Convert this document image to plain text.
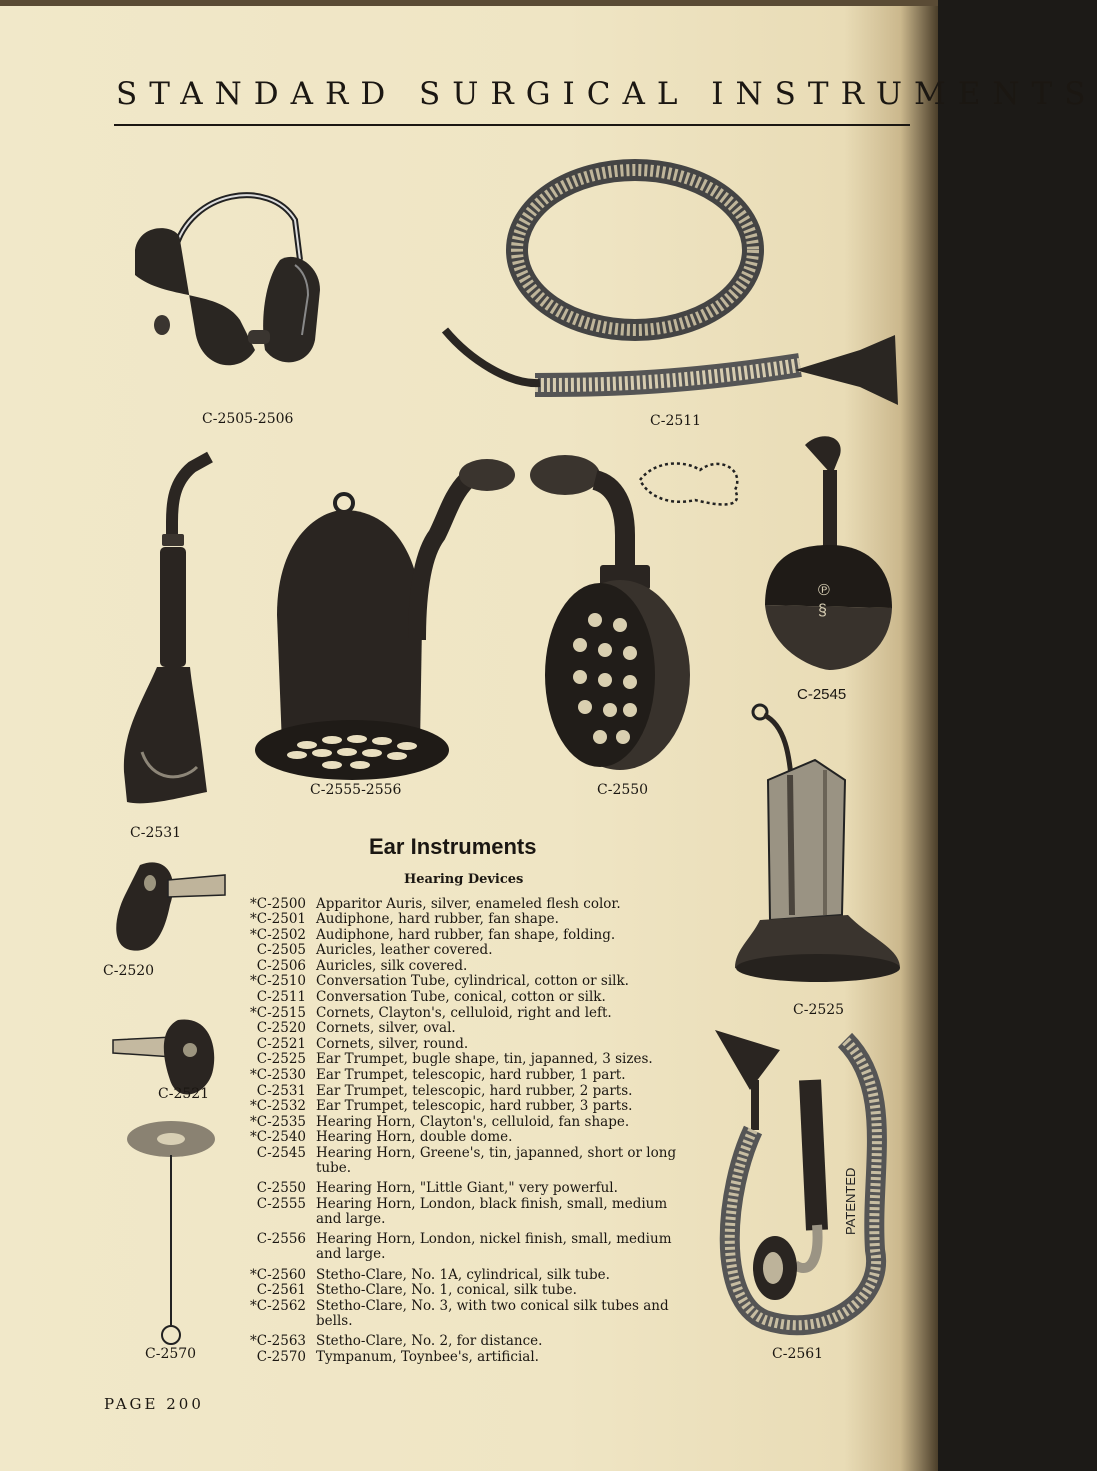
STANDARD SURGICAL INSTRUMENTS
C-2505-2506	C-2511
C-2531
C-2555-2556	C-2550
℗
§
C-2545
C-2520
C-2521
C-2570
C-2525
PATENTED
C-2561
Ear Instruments
Hearing Devices
*C-2500 Apparitor Auris, silver, enameled flesh color.
*C-2501 Audiphone, hard rubber, fan shape.
*C-2502 Audiphone, hard rubber, fan shape, folding.
C-2505 Auricles, leather covered.
C-2506 Auricles, silk covered.
*C-2510 Conversation Tube, cylindrical, cotton or silk.
C-2511 Conversation Tube, conical, cotton or silk.
*C-2515 Cornets, Clayton's, celluloid, right and left.
C-2520 Cornets, silver, oval.
C-2521 Cornets, silver, round.
C-2525 Ear Trumpet, bugle shape, tin, japanned, 3 sizes.
*C-2530 Ear Trumpet, telescopic, hard rubber, 1 part.
C-2531 Ear Trumpet, telescopic, hard rubber, 2 parts.
*C-2532 Ear Trumpet, telescopic, hard rubber, 3 parts.
*C-2535 Hearing Horn, Clayton's, celluloid, fan shape.
*C-2540 Hearing Horn, double dome.
C-2545 Hearing Horn, Greene's, tin, japanned, short or long tube.
C-2550 Hearing Horn, "Little Giant," very powerful.
C-2555 Hearing Horn, London, black finish, small, medium and large.
C-2556 Hearing Horn, London, nickel finish, small, medium and large.
*C-2560 Stetho-Clare, No. 1A, cylindrical, silk tube.
C-2561 Stetho-Clare, No. 1, conical, silk tube.
*C-2562 Stetho-Clare, No. 3, with two conical silk tubes and bells.
*C-2563 Stetho-Clare, No. 2, for distance.
C-2570 Tympanum, Toynbee's, artificial.
PAGE 200
